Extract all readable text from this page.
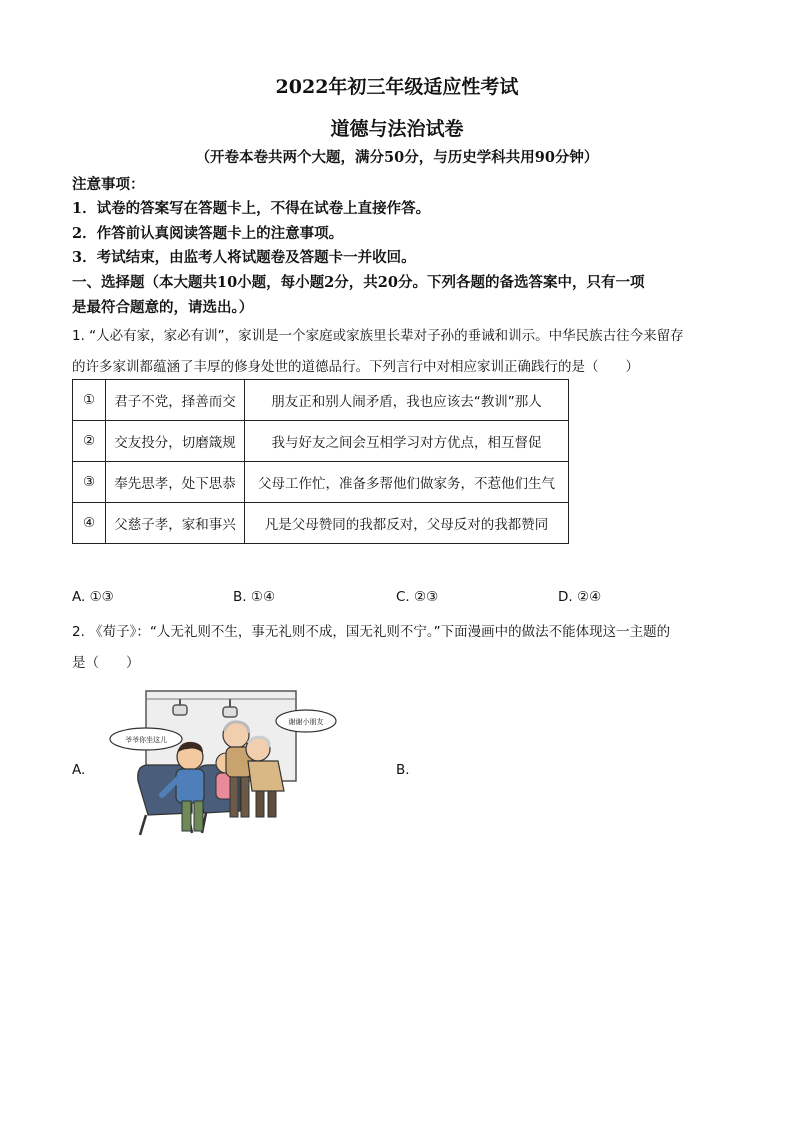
2022年初三年级适应性考试
道德与法治试卷
（开卷本卷共两个大题，满分50分，与历史学科共用90分钟）
注意事项：
1．试卷的答案写在答题卡上，不得在试卷上直接作答。
2．作答前认真阅读答题卡上的注意事项。
3．考试结束，由监考人将试题卷及答题卡一并收回。
一、选择题（本大题共10小题，每小题2分，共20分。下列各题的备选答案中，只有一项
是最符合题意的，请选出。）
1. “人必有家，家必有训”，家训是一个家庭或家族里长辈对子孙的垂诫和训示。中华民族古往今来留存
的许多家训都蕴涵了丰厚的修身处世的道德品行。下列言行中对相应家训正确践行的是（　　）
①	君子不党，择善而交	朋友正和别人闹矛盾，我也应该去“教训”那人
②	交友投分，切磨箴规	我与好友之间会互相学习对方优点，相互督促
③	奉先思孝，处下思恭	父母工作忙，准备多帮他们做家务，不惹他们生气
④	父慈子孝，家和事兴	凡是父母赞同的我都反对，父母反对的我都赞同
A. ①③	B. ①④	C. ②③	D. ②④
2. 《荀子》：“人无礼则不生，事无礼则不成，国无礼则不宁。”下面漫画中的做法不能体现这一主题的
是（　　）
A.	B.
爷爷你坐这儿
谢谢小朋友
